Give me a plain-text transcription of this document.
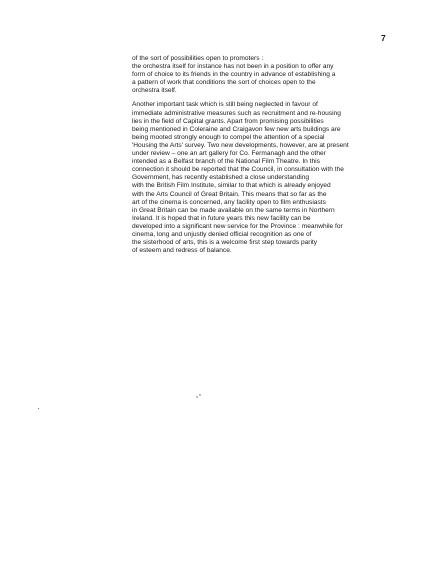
7

of the sort of possibilities open to promoters :
the orchestra itself for instance has not been in a position to offer any
form of choice to its friends in the country in advance of establishing a
a pattern of work that conditions the sort of choices open to the
orchestra itself.

Another important task which is still being neglected in favour of
immediate administrative measures such as recruitment and re-housing
lies in the field of Capital grants. Apart from promising possibilities
being mentioned in Coleraine and Craigavon few new arts buildings are
being mooted strongly enough to compel the attention of a special
'Housing the Arts' survey. Two new developments, however, are at present
under review – one an art gallery for Co. Fermanagh and the other
intended as a Belfast branch of the National Film Theatre. In this
connection it should be reported that the Council, in consultation with the
Government, has recently established a close understanding
with the British Film Institute, similar to that which is already enjoyed
with the Arts Council of Great Britain. This means that so far as the
art of the cinema is concerned, any facility open to film enthusiasts
in Great Britain can be made available on the same terms in Northern
Ireland. It is hoped that in future years this new facility can be
developed into a significant new service for the Province : meanwhile for
cinema, long and unjustly denied official recognition as one of
the sisterhood of arts, this is a welcome first step towards parity
of esteem and redress of balance.
